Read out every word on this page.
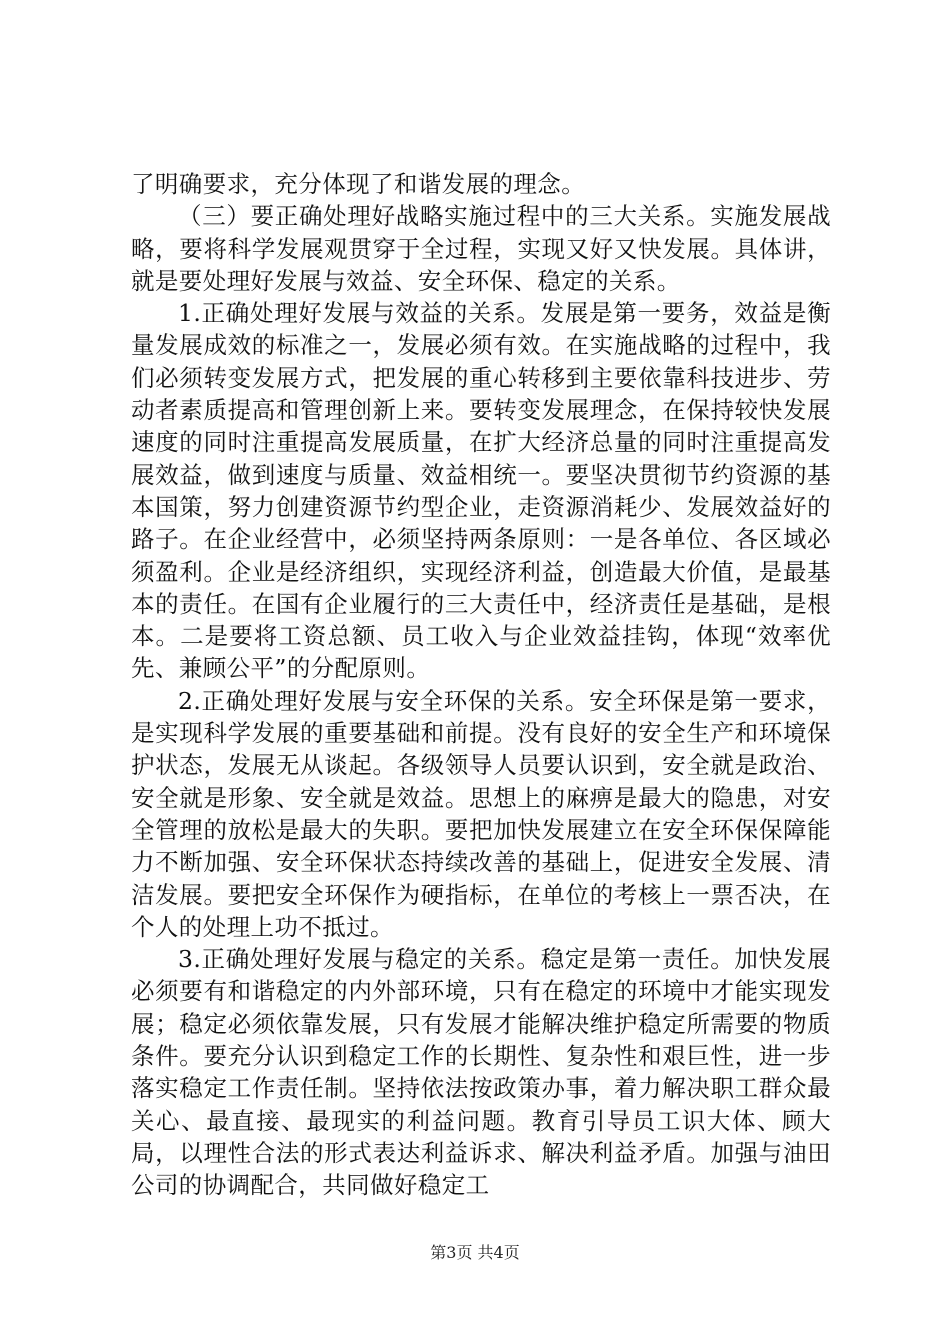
了明确要求，充分体现了和谐发展的理念。

（三）要正确处理好战略实施过程中的三大关系。实施发展战略，要将科学发展观贯穿于全过程，实现又好又快发展。具体讲，就是要处理好发展与效益、安全环保、稳定的关系。

1.正确处理好发展与效益的关系。发展是第一要务，效益是衡量发展成效的标准之一，发展必须有效。在实施战略的过程中，我们必须转变发展方式，把发展的重心转移到主要依靠科技进步、劳动者素质提高和管理创新上来。要转变发展理念，在保持较快发展速度的同时注重提高发展质量，在扩大经济总量的同时注重提高发展效益，做到速度与质量、效益相统一。要坚决贯彻节约资源的基本国策，努力创建资源节约型企业，走资源消耗少、发展效益好的路子。在企业经营中，必须坚持两条原则：一是各单位、各区域必须盈利。企业是经济组织，实现经济利益，创造最大价值，是最基本的责任。在国有企业履行的三大责任中，经济责任是基础，是根本。二是要将工资总额、员工收入与企业效益挂钩，体现“效率优先、兼顾公平”的分配原则。

2.正确处理好发展与安全环保的关系。安全环保是第一要求，是实现科学发展的重要基础和前提。没有良好的安全生产和环境保护状态，发展无从谈起。各级领导人员要认识到，安全就是政治、安全就是形象、安全就是效益。思想上的麻痹是最大的隐患，对安全管理的放松是最大的失职。要把加快发展建立在安全环保保障能力不断加强、安全环保状态持续改善的基础上，促进安全发展、清洁发展。要把安全环保作为硬指标，在单位的考核上一票否决，在个人的处理上功不抵过。

3.正确处理好发展与稳定的关系。稳定是第一责任。加快发展必须要有和谐稳定的内外部环境，只有在稳定的环境中才能实现发展；稳定必须依靠发展，只有发展才能解决维护稳定所需要的物质条件。要充分认识到稳定工作的长期性、复杂性和艰巨性，进一步落实稳定工作责任制。坚持依法按政策办事，着力解决职工群众最关心、最直接、最现实的利益问题。教育引导员工识大体、顾大局，以理性合法的形式表达利益诉求、解决利益矛盾。加强与油田公司的协调配合，共同做好稳定工

第3页 共4页
